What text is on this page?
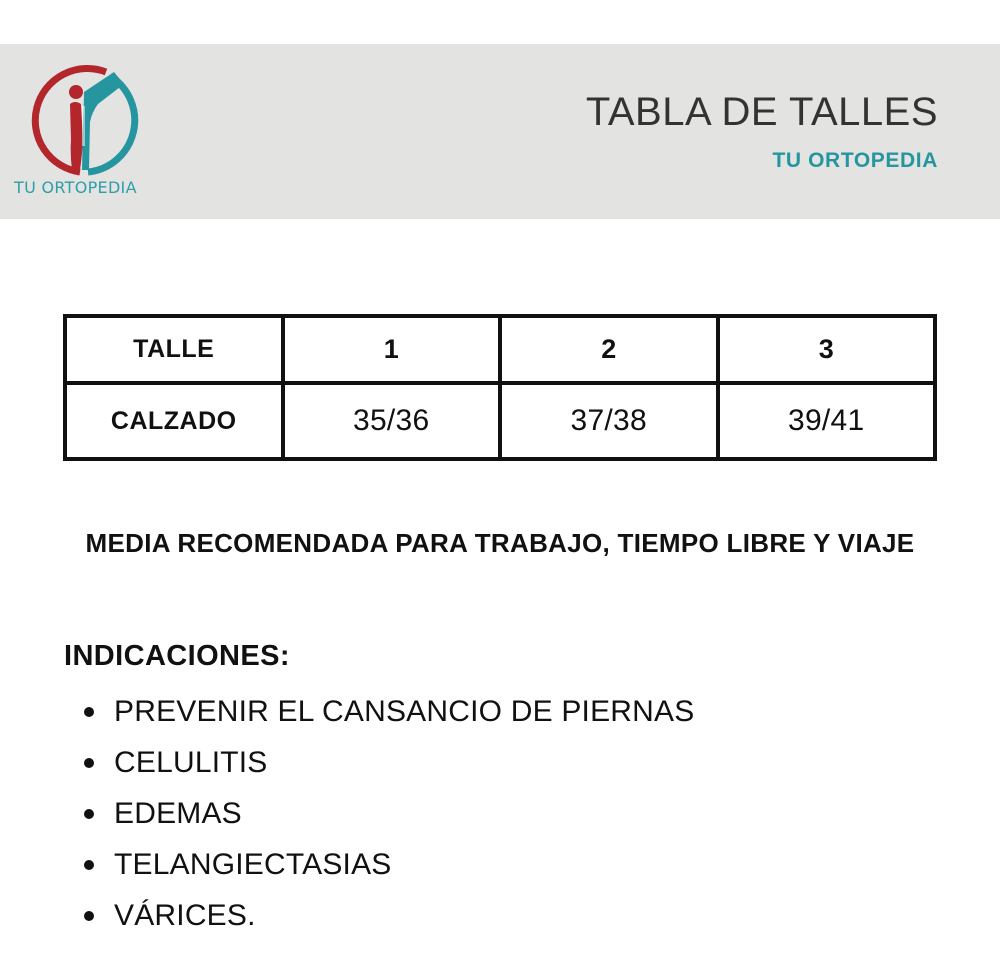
TU ORTOPEDIA
TABLA DE TALLES
TU ORTOPEDIA
TALLE	1	2	3
CALZADO	35/36	37/38	39/41
MEDIA RECOMENDADA PARA TRABAJO, TIEMPO LIBRE Y VIAJE
INDICACIONES:
PREVENIR EL CANSANCIO DE PIERNAS
CELULITIS
EDEMAS
TELANGIECTASIAS
VÁRICES.
